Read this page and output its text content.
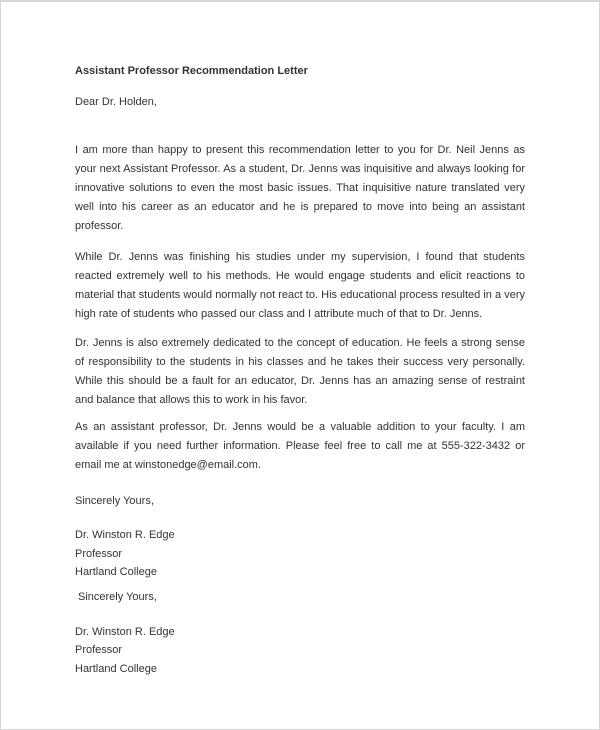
Assistant Professor Recommendation Letter

Dear Dr. Holden,

I am more than happy to present this recommendation letter to you for Dr. Neil Jenns as your next Assistant Professor. As a student, Dr. Jenns was inquisitive and always looking for innovative solutions to even the most basic issues. That inquisitive nature translated very well into his career as an educator and he is prepared to move into being an assistant professor.

While Dr. Jenns was finishing his studies under my supervision, I found that students reacted extremely well to his methods. He would engage students and elicit reactions to material that students would normally not react to. His educational process resulted in a very high rate of students who passed our class and I attribute much of that to Dr. Jenns.

Dr. Jenns is also extremely dedicated to the concept of education. He feels a strong sense of responsibility to the students in his classes and he takes their success very personally. While this should be a fault for an educator, Dr. Jenns has an amazing sense of restraint and balance that allows this to work in his favor.

As an assistant professor, Dr. Jenns would be a valuable addition to your faculty. I am available if you need further information. Please feel free to call me at 555-322-3432 or email me at winstonedge@email.com.

Sincerely Yours,

Dr. Winston R. Edge

Professor

Hartland College

Sincerely Yours,

Dr. Winston R. Edge

Professor

Hartland College
